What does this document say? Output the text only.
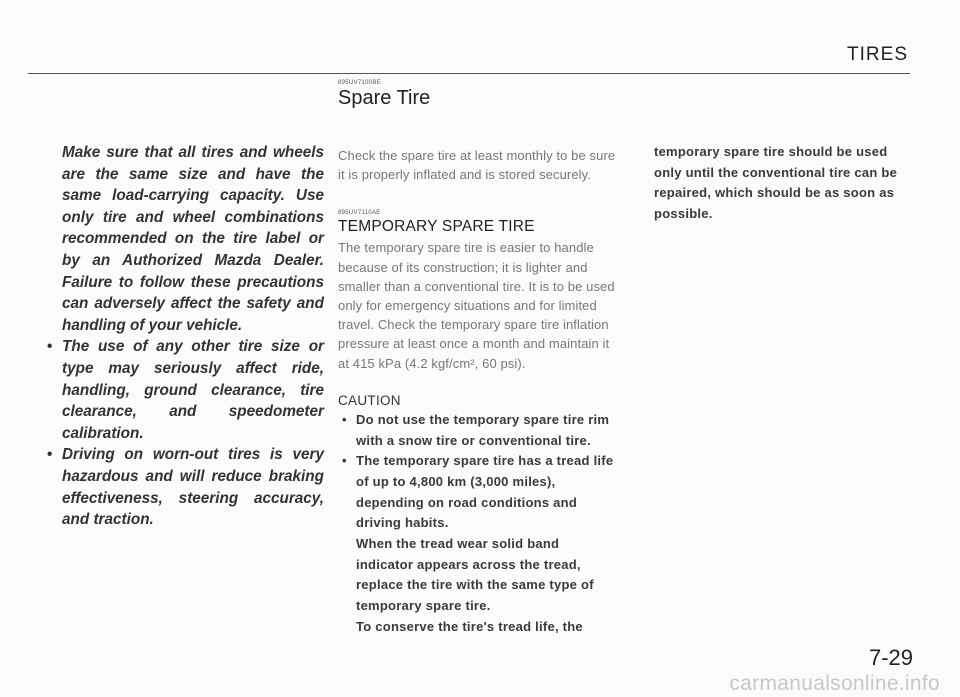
TIRES
895UV7100BE
Spare Tire

Make sure that all tires and wheels are the same size and have the same load-carrying capacity. Use only tire and wheel combinations recommended on the tire label or by an Authorized Mazda Dealer. Failure to follow these precautions can adversely affect the safety and handling of your vehicle.

• The use of any other tire size or type may seriously affect ride, handling, ground clearance, tire clearance, and speedometer calibration.
• Driving on worn-out tires is very hazardous and will reduce braking effectiveness, steering accuracy, and traction.

Check the spare tire at least monthly to be sure it is properly inflated and is stored securely.

895UV7110AE

TEMPORARY SPARE TIRE

The temporary spare tire is easier to handle because of its construction; it is lighter and smaller than a conventional tire. It is to be used only for emergency situations and for limited travel. Check the temporary spare tire inflation pressure at least once a month and maintain it at 415 kPa (4.2 kgf/cm², 60 psi).

CAUTION

• Do not use the temporary spare tire rim with a snow tire or conventional tire.

• The temporary spare tire has a tread life of up to 4,800 km (3,000 miles), depending on road conditions and driving habits.

When the tread wear solid band indicator appears across the tread, replace the tire with the same type of temporary spare tire.

To conserve the tire's tread life, the

temporary spare tire should be used only until the conventional tire can be repaired, which should be as soon as possible.

7-29
carmanualsonline.info
